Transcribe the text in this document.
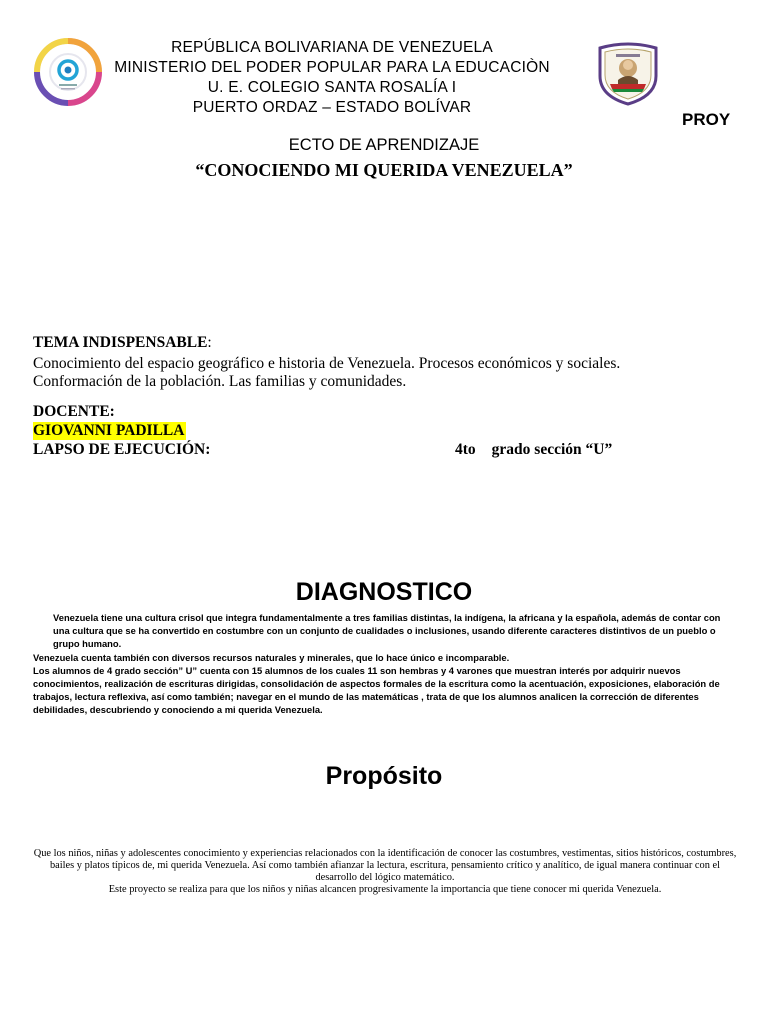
REPÚBLICA BOLIVARIANA DE VENEZUELA
MINISTERIO DEL PODER POPULAR PARA LA EDUCACIÒN
U. E. COLEGIO SANTA ROSALÍA I
PUERTO ORDAZ – ESTADO BOLÍVAR
PROY
ECTO DE APRENDIZAJE
“CONOCIENDO MI QUERIDA VENEZUELA”
TEMA INDISPENSABLE:
Conocimiento del espacio geográfico e historia de Venezuela. Procesos económicos y sociales.
Conformación de la población. Las familias y comunidades.
DOCENTE:
GIOVANNI PADILLA
LAPSO DE EJECUCIÓN:	4to grado sección “U”
DIAGNOSTICO

Venezuela tiene una cultura crisol que integra fundamentalmente a tres familias distintas, la indígena, la africana y la española, además de contar con una cultura que se ha convertido en costumbre con un conjunto de cualidades o inclusiones, usando diferente caracteres distintivos de un pueblo o grupo humano.

Venezuela cuenta también con diversos recursos naturales y minerales, que lo hace único e incomparable.

Los alumnos de 4 grado sección” U” cuenta con 15 alumnos de los cuales 11 son hembras y 4 varones que muestran interés por adquirir nuevos conocimientos, realización de escrituras dirigidas, consolidación de aspectos formales de la escritura como la acentuación, exposiciones, elaboración de trabajos, lectura reflexiva, así como también; navegar en el mundo de las matemáticas , trata de que los alumnos analicen la corrección de diferentes debilidades, descubriendo y conociendo a mi querida Venezuela.

Propósito

Que los niños, niñas y adolescentes conocimiento y experiencias relacionados con la identificación de conocer las costumbres, vestimentas, sitios históricos, costumbres, bailes y platos típicos de, mi querida Venezuela. Así como también afianzar la lectura, escritura, pensamiento crítico y analítico, de igual manera continuar con el desarrollo del lógico matemático.

Este proyecto se realiza para que los niños y niñas alcancen progresivamente la importancia que tiene conocer mi querida Venezuela.
